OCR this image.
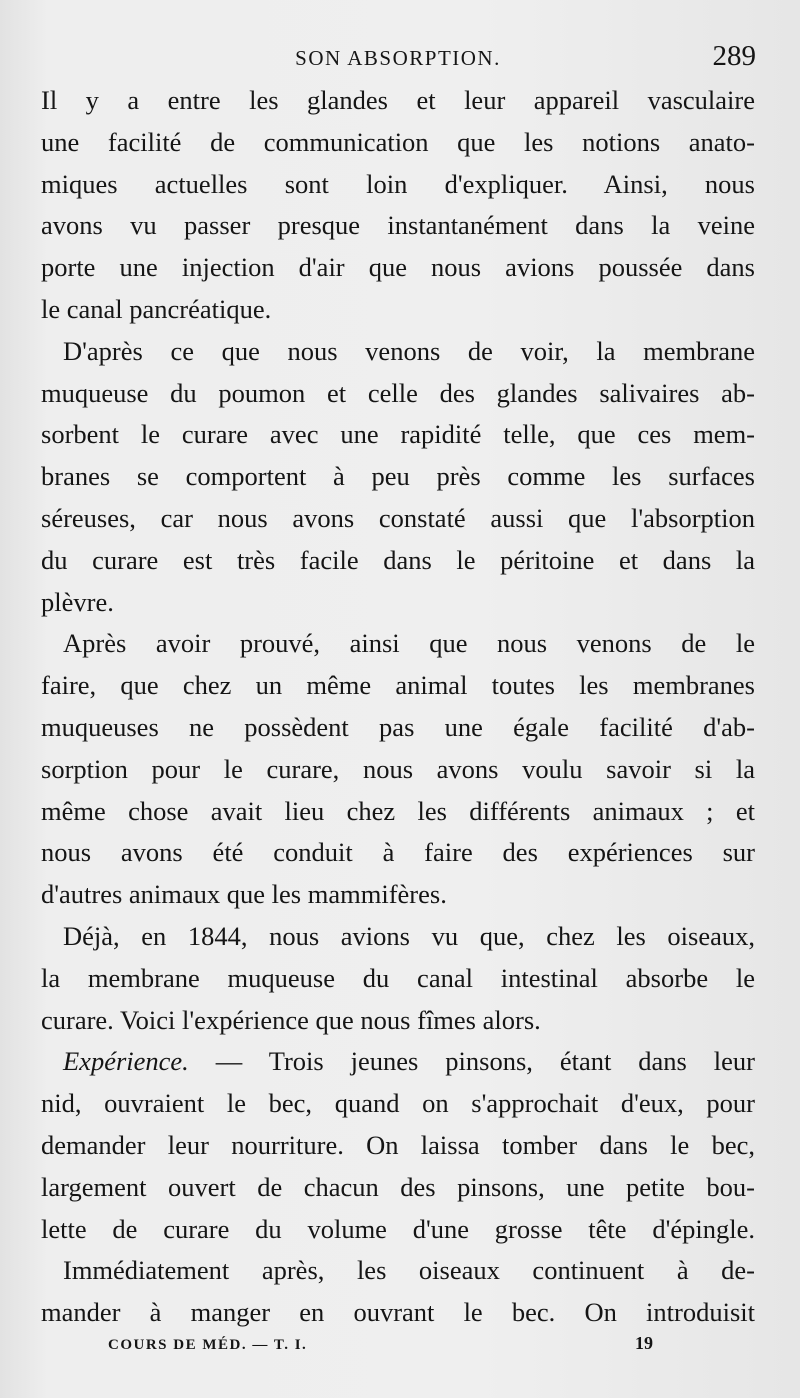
SON ABSORPTION.	289
Il y a entre les glandes et leur appareil vasculaire
une facilité de communication que les notions anato-
miques actuelles sont loin d'expliquer. Ainsi, nous
avons vu passer presque instantanément dans la veine
porte une injection d'air que nous avions poussée dans
le canal pancréatique.
D'après ce que nous venons de voir, la membrane
muqueuse du poumon et celle des glandes salivaires ab-
sorbent le curare avec une rapidité telle, que ces mem-
branes se comportent à peu près comme les surfaces
séreuses, car nous avons constaté aussi que l'absorption
du curare est très facile dans le péritoine et dans la
plèvre.
Après avoir prouvé, ainsi que nous venons de le
faire, que chez un même animal toutes les membranes
muqueuses ne possèdent pas une égale facilité d'ab-
sorption pour le curare, nous avons voulu savoir si la
même chose avait lieu chez les différents animaux ; et
nous avons été conduit à faire des expériences sur
d'autres animaux que les mammifères.
Déjà, en 1844, nous avions vu que, chez les oiseaux,
la membrane muqueuse du canal intestinal absorbe le
curare. Voici l'expérience que nous fîmes alors.
Expérience. — Trois jeunes pinsons, étant dans leur
nid, ouvraient le bec, quand on s'approchait d'eux, pour
demander leur nourriture. On laissa tomber dans le bec,
largement ouvert de chacun des pinsons, une petite bou-
lette de curare du volume d'une grosse tête d'épingle.
Immédiatement après, les oiseaux continuent à de-
mander à manger en ouvrant le bec. On introduisit
COURS DE MÉD. — T. I.	19
